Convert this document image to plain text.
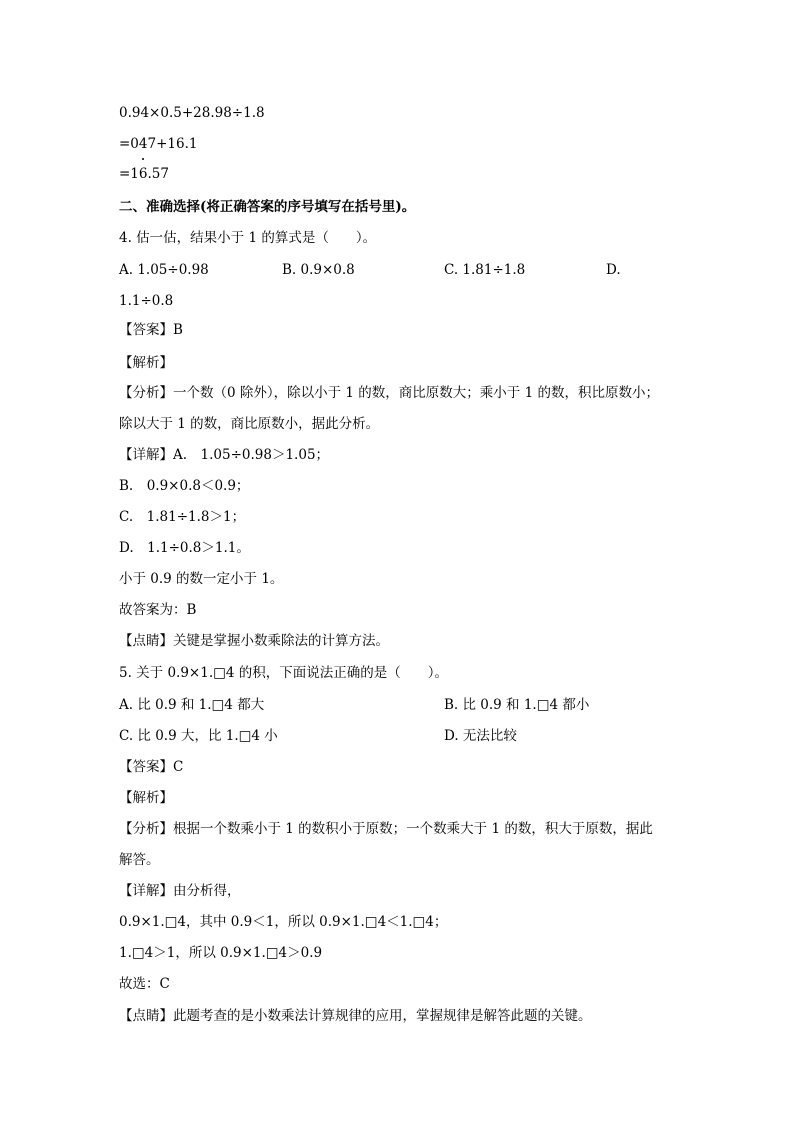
0.94×0.5+28.98÷1.8
=047+16.1
=16.57
二、准确选择(将正确答案的序号填写在括号里)。
4. 估一估，结果小于 1 的算式是（　　）。
A. 1.05÷0.98	B. 0.9×0.8	C. 1.81÷1.8	D.
1.1÷0.8
【答案】B
【解析】
【分析】一个数（0 除外），除以小于 1 的数，商比原数大；乘小于 1 的数，积比原数小；
除以大于 1 的数，商比原数小，据此分析。
【详解】A.　1.05÷0.98＞1.05；
B.　0.9×0.8＜0.9；
C.　1.81÷1.8＞1；
D.　1.1÷0.8＞1.1。
小于 0.9 的数一定小于 1。
故答案为：B
【点睛】关键是掌握小数乘除法的计算方法。
5. 关于 0.9×1.□4 的积，下面说法正确的是（　　）。
A. 比 0.9 和 1.□4 都大	B. 比 0.9 和 1.□4 都小
C. 比 0.9 大，比 1.□4 小	D. 无法比较
【答案】C
【解析】
【分析】根据一个数乘小于 1 的数积小于原数；一个数乘大于 1 的数，积大于原数，据此
解答。
【详解】由分析得，
0.9×1.□4，其中 0.9＜1，所以 0.9×1.□4＜1.□4；
1.□4＞1，所以 0.9×1.□4＞0.9
故选：C
【点睛】此题考查的是小数乘法计算规律的应用，掌握规律是解答此题的关键。
